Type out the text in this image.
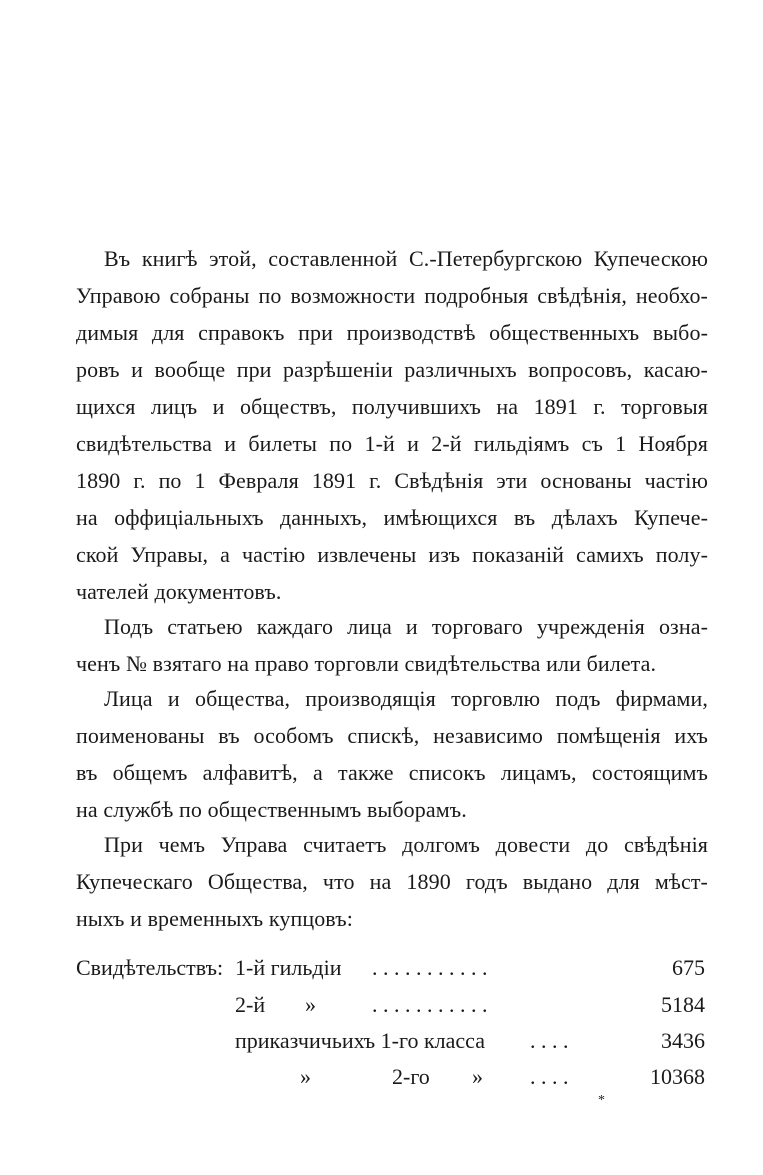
Въ книгѣ этой, составленной С.-Петербургскою Купеческою
Управою собраны по возможности подробныя свѣдѣнія, необхо-
димыя для справокъ при производствѣ общественныхъ выбо-
ровъ и вообще при разрѣшеніи различныхъ вопросовъ, касаю-
щихся лицъ и обществъ, получившихъ на 1891 г. торговыя
свидѣтельства и билеты по 1-й и 2-й гильдіямъ съ 1 Ноября
1890 г. по 1 Февраля 1891 г. Свѣдѣнія эти основаны частію
на оффиціальныхъ данныхъ, имѣющихся въ дѣлахъ Купече-
ской Управы, а частію извлечены изъ показаній самихъ полу-
чателей документовъ.
Подъ статьею каждаго лица и торговаго учрежденія озна-
ченъ № взятаго на право торговли свидѣтельства или билета.
Лица и общества, производящія торговлю подъ фирмами,
поименованы въ особомъ спискѣ, независимо помѣщенія ихъ
въ общемъ алфавитѣ, а также списокъ лицамъ, состоящимъ
на службѣ по общественнымъ выборамъ.
При чемъ Управа считаетъ долгомъ довести до свѣдѣнія
Купеческаго Общества, что на 1890 годъ выдано для мѣст-
ныхъ и временныхъ купцовъ:
Свидѣтельствъ: 1-й гильдіи . . . . . . . . . . .	675
2-й »	. . . . . . . . . . .	5184
приказчичьихъ 1-го класса . . . .	3436
»	2-го » . . . .	10368
*
